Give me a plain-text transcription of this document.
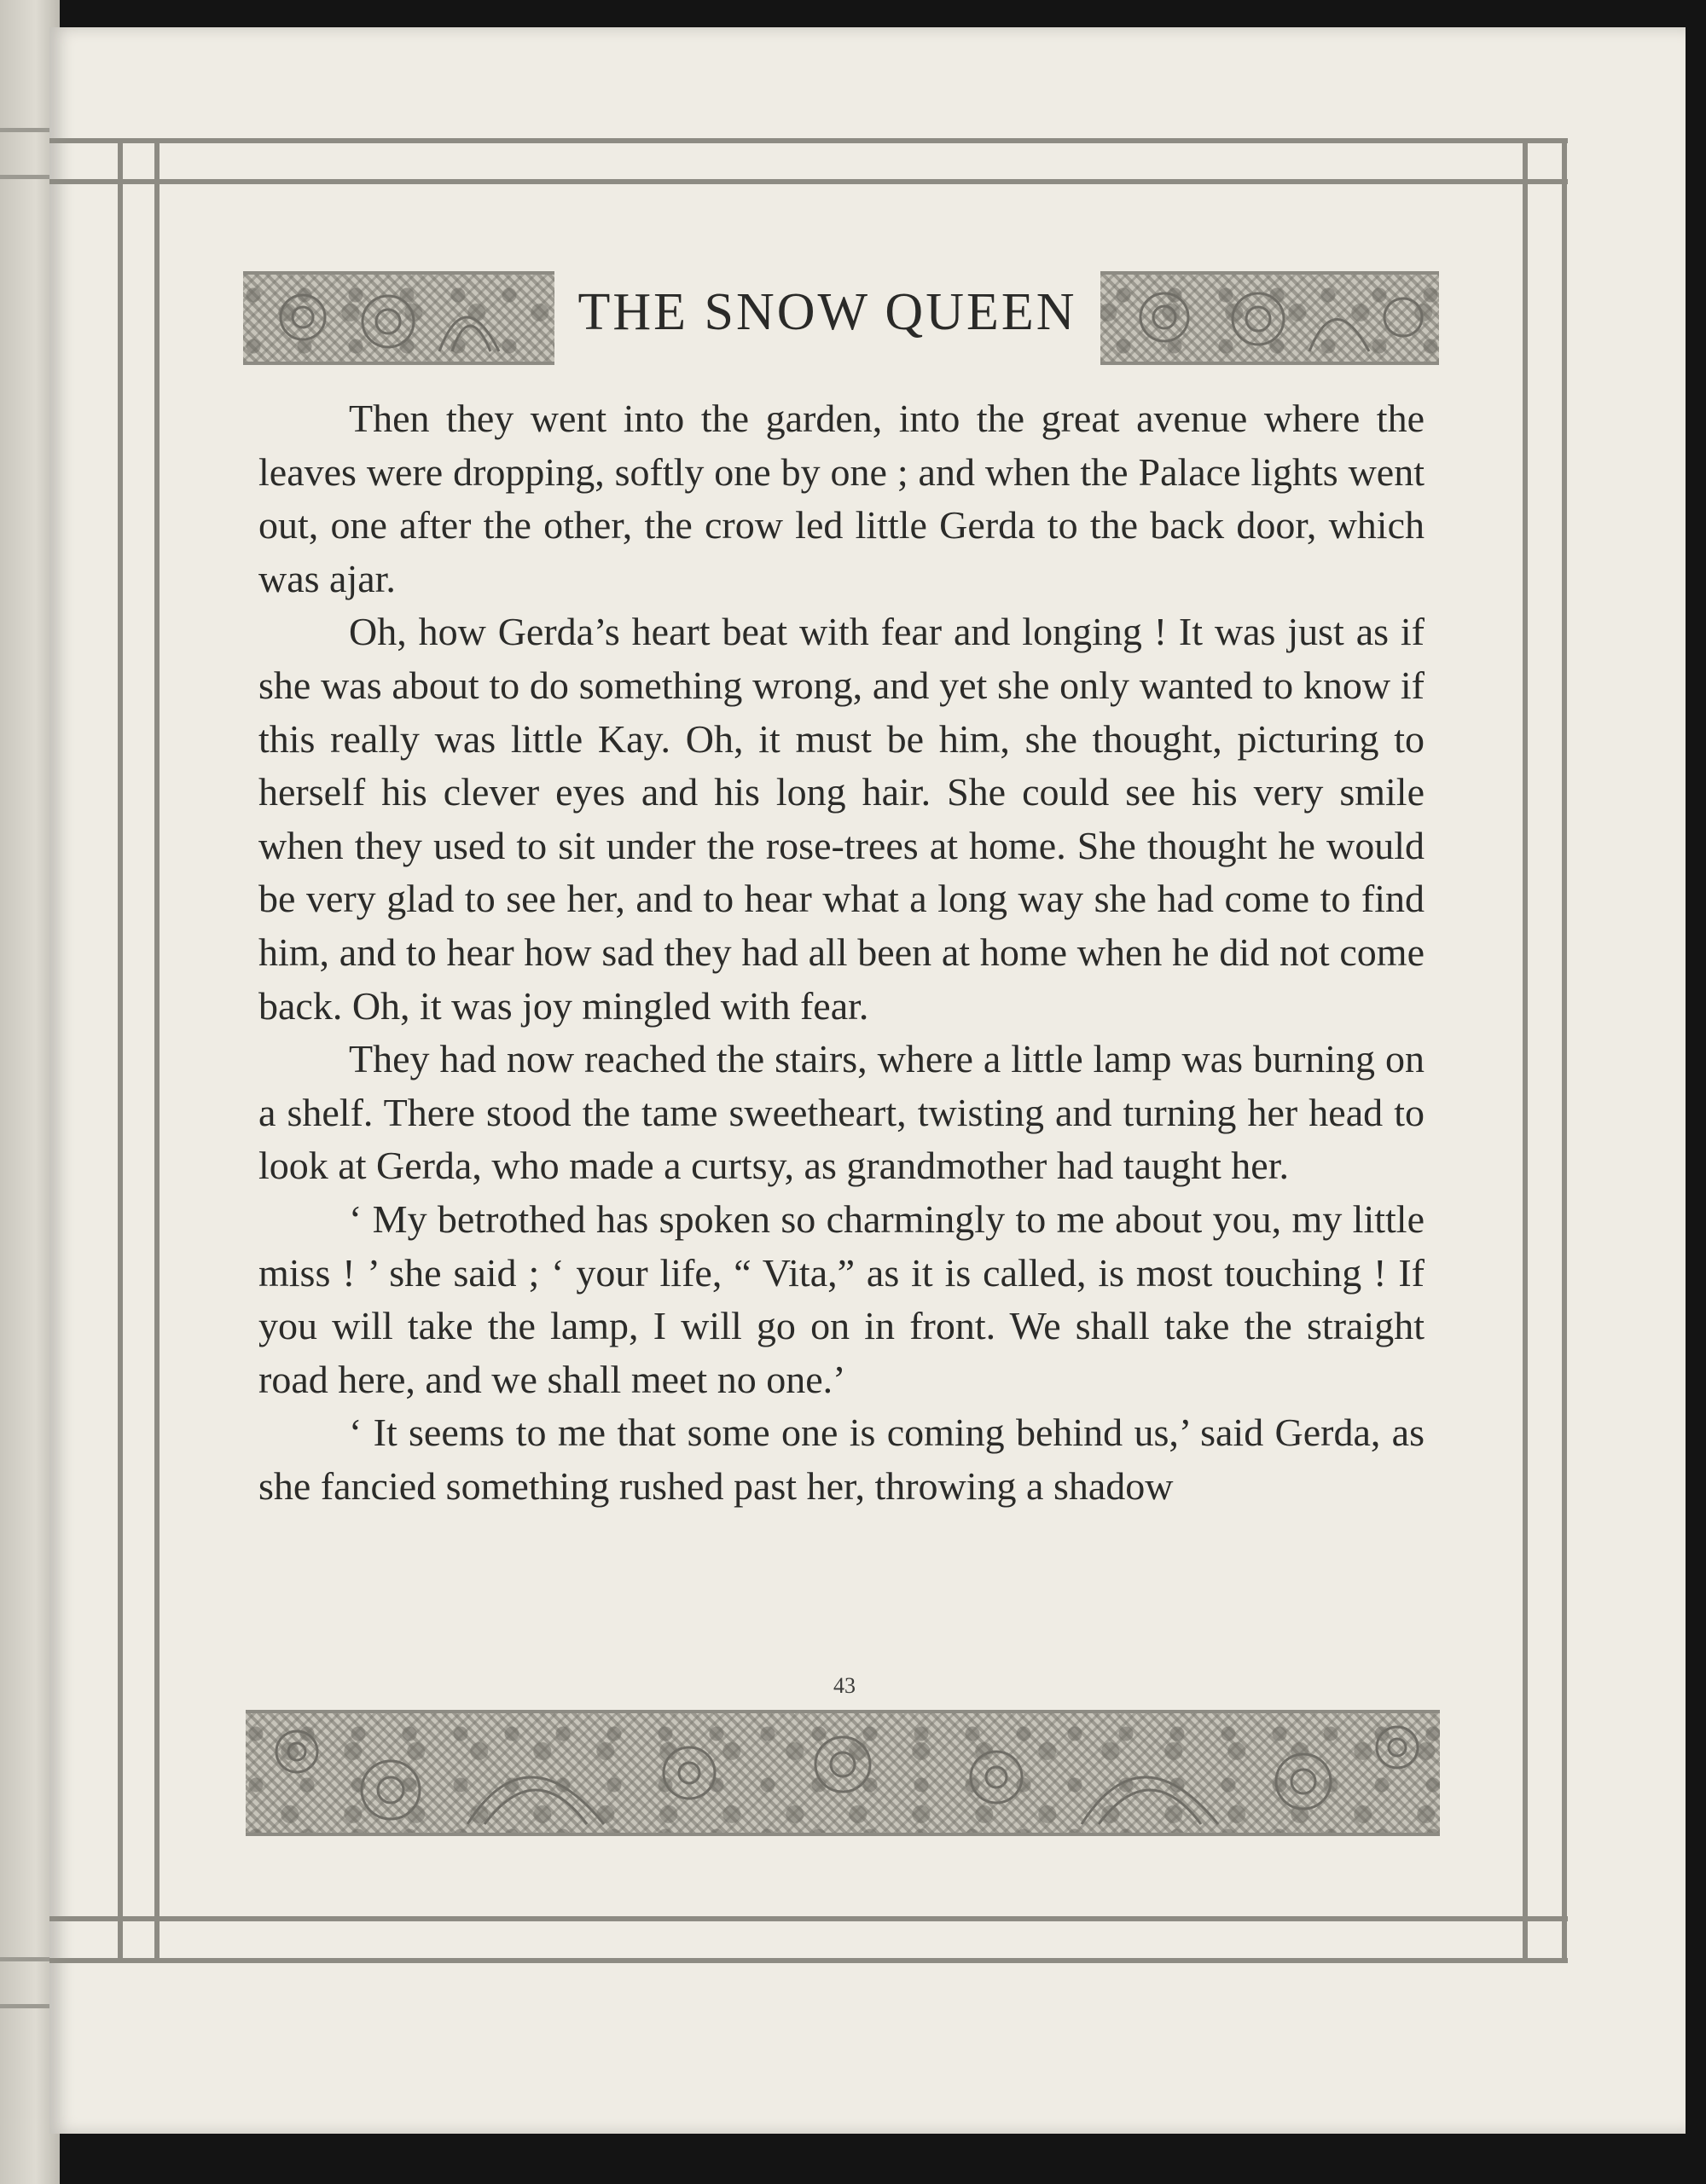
THE SNOW QUEEN

Then they went into the garden, into the great avenue where the leaves were dropping, softly one by one ; and when the Palace lights went out, one after the other, the crow led little Gerda to the back door, which was ajar.

Oh, how Gerda’s heart beat with fear and longing ! It was just as if she was about to do something wrong, and yet she only wanted to know if this really was little Kay. Oh, it must be him, she thought, picturing to herself his clever eyes and his long hair. She could see his very smile when they used to sit under the rose-trees at home. She thought he would be very glad to see her, and to hear what a long way she had come to find him, and to hear how sad they had all been at home when he did not come back. Oh, it was joy mingled with fear.

They had now reached the stairs, where a little lamp was burning on a shelf. There stood the tame sweetheart, twisting and turning her head to look at Gerda, who made a curtsy, as grandmother had taught her.

‘ My betrothed has spoken so charmingly to me about you, my little miss ! ’ she said ; ‘ your life, “ Vita,” as it is called, is most touching ! If you will take the lamp, I will go on in front. We shall take the straight road here, and we shall meet no one.’

‘ It seems to me that some one is coming behind us,’ said Gerda, as she fancied something rushed past her, throwing a shadow

43
